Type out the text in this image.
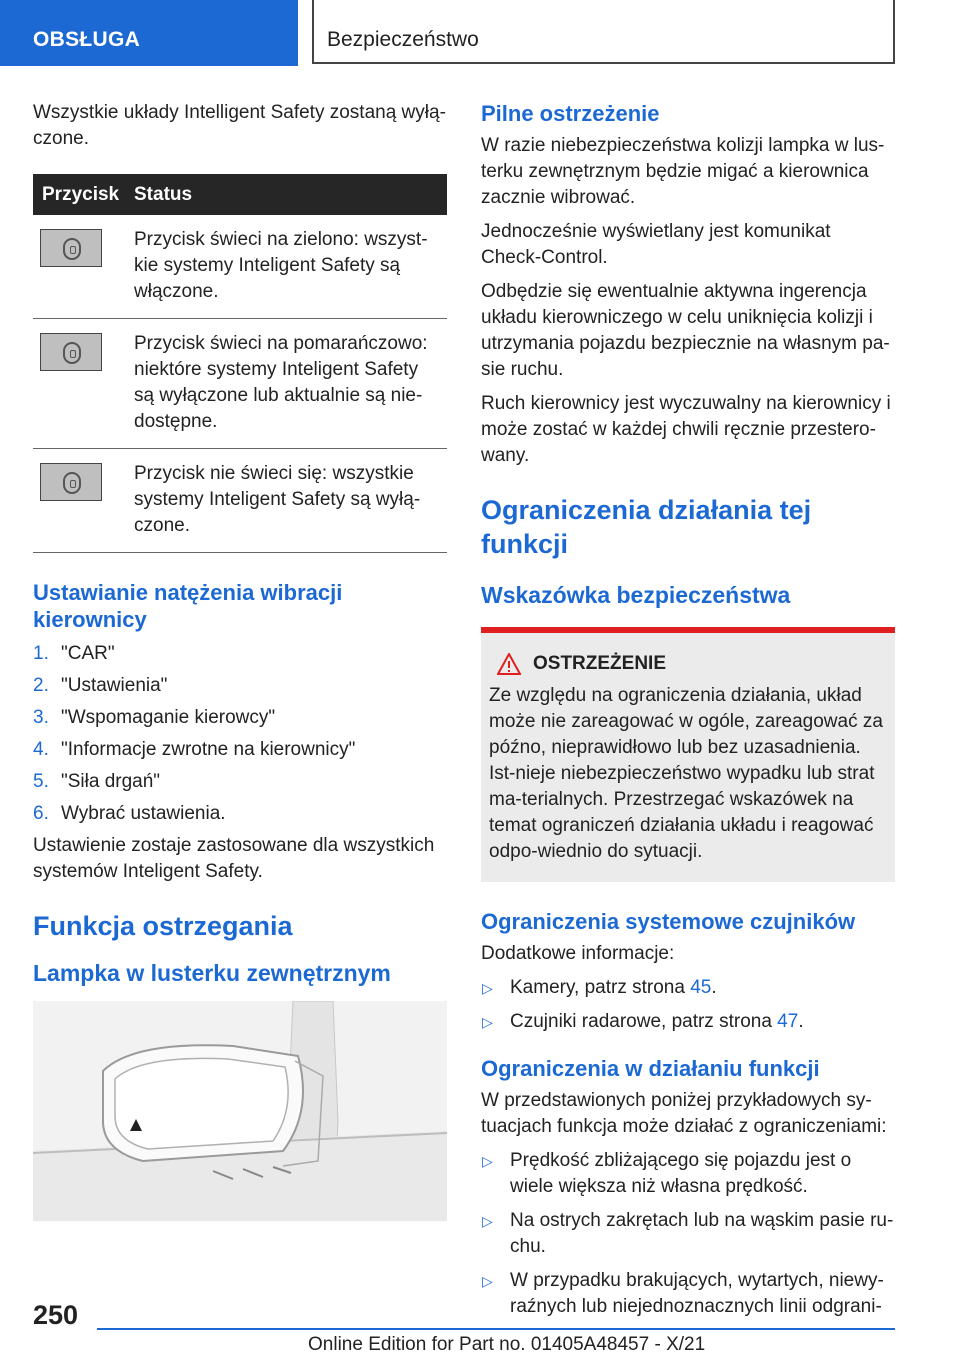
OBSŁUGA	Bezpieczeństwo

Wszystkie układy Intelligent Safety zostaną wyłą-czone.

Przycisk	Status

	Przycisk świeci na zielono: wszyst-kie systemy Inteligent Safety są włączone.

	Przycisk świeci na pomarańczowo: niektóre systemy Inteligent Safety są wyłączone lub aktualnie są nie-dostępne.

	Przycisk nie świeci się: wszystkie systemy Inteligent Safety są wyłą-czone.
Ustawianie natężenia wibracji kierownicy
1. "CAR"
2. "Ustawienia"
3. "Wspomaganie kierowcy"
4. "Informacje zwrotne na kierownicy"
5. "Siła drgań"
6. Wybrać ustawienia.

Ustawienie zostaje zastosowane dla wszystkich systemów Inteligent Safety.

Funkcja ostrzegania
Lampka w lusterku zewnętrznym
Pilne ostrzeżenie

W razie niebezpieczeństwa kolizji lampka w lus-terku zewnętrznym będzie migać a kierownica zacznie wibrować.

Jednocześnie wyświetlany jest komunikat Check-Control.

Odbędzie się ewentualnie aktywna ingerencja układu kierowniczego w celu uniknięcia kolizji i utrzymania pojazdu bezpiecznie na własnym pa-sie ruchu.

Ruch kierownicy jest wyczuwalny na kierownicy i może zostać w każdej chwili ręcznie przestero-wany.

Ograniczenia działania tej funkcji
Wskazówka bezpieczeństwa
OSTRZEŻENIE

Ze względu na ograniczenia działania, układ może nie zareagować w ogóle, zareagować za późno, nieprawidłowo lub bez uzasadnienia. Ist-nieje niebezpieczeństwo wypadku lub strat ma-terialnych. Przestrzegać wskazówek na temat ograniczeń działania układu i reagować odpo-wiednio do sytuacji.

Ograniczenia systemowe czujników

Dodatkowe informacje:

▷ Kamery, patrz strona 45.
▷ Czujniki radarowe, patrz strona 47.
Ograniczenia w działaniu funkcji

W przedstawionych poniżej przykładowych sy-tuacjach funkcja może działać z ograniczeniami:

▷ Prędkość zbliżającego się pojazdu jest o wiele większa niż własna prędkość.
▷ Na ostrych zakrętach lub na wąskim pasie ru-chu.
▷ W przypadku brakujących, wytartych, niewy-raźnych lub niejednoznacznych linii odgrani-
250
Online Edition for Part no. 01405A48457 - X/21
